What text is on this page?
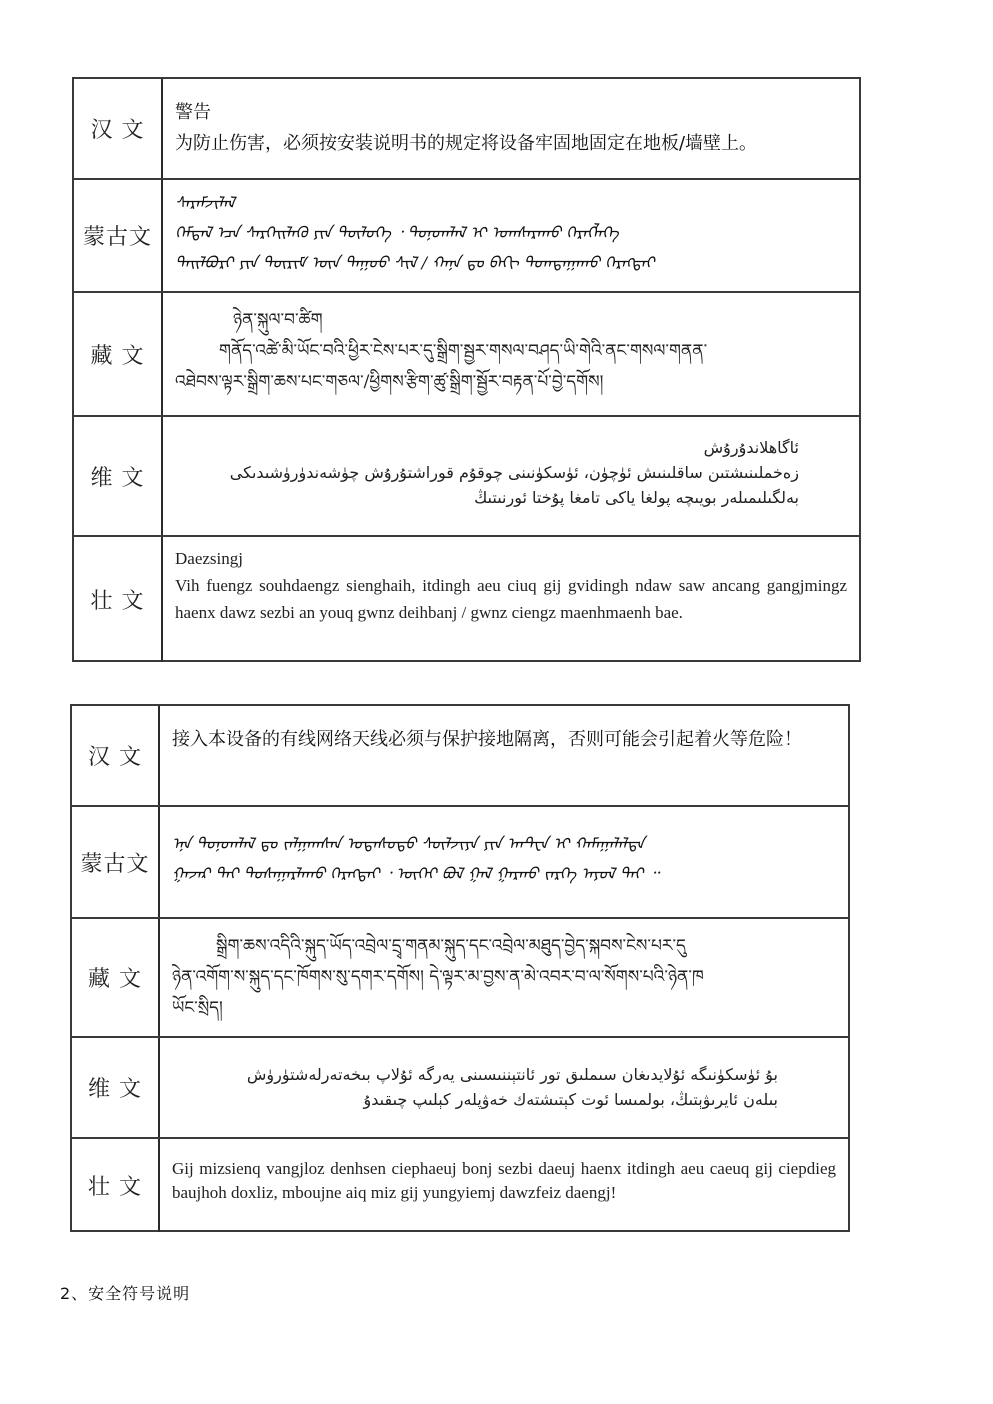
汉 文
警告
为防止伤害，必须按安装说明书的规定将设备牢固地固定在地板/墙壁上。
蒙古文
ᠰᠡᠷᠡᠮᠵᠢᠯᠡᠯ
ᠭᠡᠮᠲᠡᠯ ᠡᠴᠡ ᠰᠡᠷᠭᠡᠢᠯᠡᠬᠦ ᠶᠢᠨ ᠲᠥᠯᠦᠭᠡ ᠂ ᠲᠣᠨᠣᠭᠯᠠᠯ ᠢ ᠤᠭᠰᠠᠷᠠᠬᠤ ᠬᠡᠷᠡᠭᠯᠡᠭᠡ
ᠲᠠᠢᠯᠪᠤᠷᠢ ᠶᠢᠨ ᠳᠦᠷᠢᠮ ᠦᠨ ᠳᠠᠭᠤᠤ ᠰᠢᠯ / ᠬᠠᠨᠠ ᠳᠤ ᠪᠡᠬᠢ ᠲᠣᠭᠲᠠᠭᠠᠬᠤ ᠬᠡᠷᠡᠭᠲᠡᠢ
藏 文
ཉེན་སྐུལ་བ་ཚིག
གནོད་འཚེ་མི་ཡོང་བའི་ཕྱིར་ངེས་པར་དུ་སྒྲིག་སྦྱར་གསལ་བཤད་ཡི་གེའི་ནང་གསལ་གནན་
འཐེབས་ལྟར་སྒྲིག་ཆས་པང་གཅལ་/ཕྱིགས་རྩིག་ཚུ་སྒྲིག་སྦྱོར་བརྟན་པོ་བྱེ་དགོས།
维 文
ئاگاھلاندۇرۇش
زەخملىنىشتىن ساقلىنىش ئۈچۈن، ئۈسكۈنىنى چوقۇم قوراشتۇرۇش چۈشەندۈرۈشىدىكى
بەلگىلىمىلەر بويىچە پولغا ياكى تامغا پۇختا ئورنىتىڭ
壮 文
Daezsingj
Vih fuengz souhdaengz sienghaih, itdingh aeu ciuq gij gvidingh ndaw saw ancang gangjmingz haenx dawz sezbi an youq gwnz deihbanj / gwnz ciengz maenhmaenh bae.
汉 文
接入本设备的有线网络天线必须与保护接地隔离，否则可能会引起着火等危险！
蒙古文
ᠡᠨᠡ ᠲᠣᠨᠣᠭᠯᠠᠯ ᠳᠤ ᠵᠠᠯᠭᠠᠭᠰᠠᠨ ᠤᠲᠠᠰᠤᠲᠤ ᠰᠦᠯᠵᠢᠶᠡ ᠶᠢᠨ ᠠᠨᠲᠧᠨ ᠢ ᠬᠠᠮᠠᠭᠠᠯᠠᠯᠲᠠ
ᠭᠠᠵᠠᠷ ᠲᠠᠢ ᠲᠤᠰᠠᠭᠠᠷᠯᠠᠬᠤ ᠬᠡᠷᠡᠭᠲᠡᠢ ᠂ ᠦᠭᠡᠢ ᠪᠣᠯ ᠭᠠᠯ ᠭᠠᠷᠬᠤ ᠵᠡᠷᠭᠡ ᠠᠶᠤᠯ ᠲᠠᠢ ᠃
藏 文
སྒྲིག་ཆས་འདིའི་སྐུད་ཡོད་འབྲེལ་དྲྭ་གནམ་སྐུད་དང་འབྲེལ་མཐུད་བྱེད་སྐབས་ངེས་པར་དུ
ཉེན་འགོག་ས་སྐུད་དང་ཁོགས་སུ་དགར་དགོས། དེ་ལྟར་མ་བྱས་ན་མེ་འབར་བ་ལ་སོགས་པའི་ཉེན་ཁ
ཡོང་སྲིད།
维 文
بۇ ئۈسكۈنىگە ئۇلايدىغان سىملىق تور ئانتېننىسىنى يەرگە ئۇلاپ بىخەتەرلەشتۈرۈش
بىلەن ئايرىۋېتىڭ، بولمىسا ئوت كېتىشتەك خەۋپلەر كېلىپ چىقىدۇ
壮 文
Gij mizsienq vangjloz denhsen ciephaeuj bonj sezbi daeuj haenx itdingh aeu caeuq gij ciepdieg baujhoh doxliz, mboujne aiq miz gij yungyiemj dawzfeiz daengj!
2、安全符号说明
